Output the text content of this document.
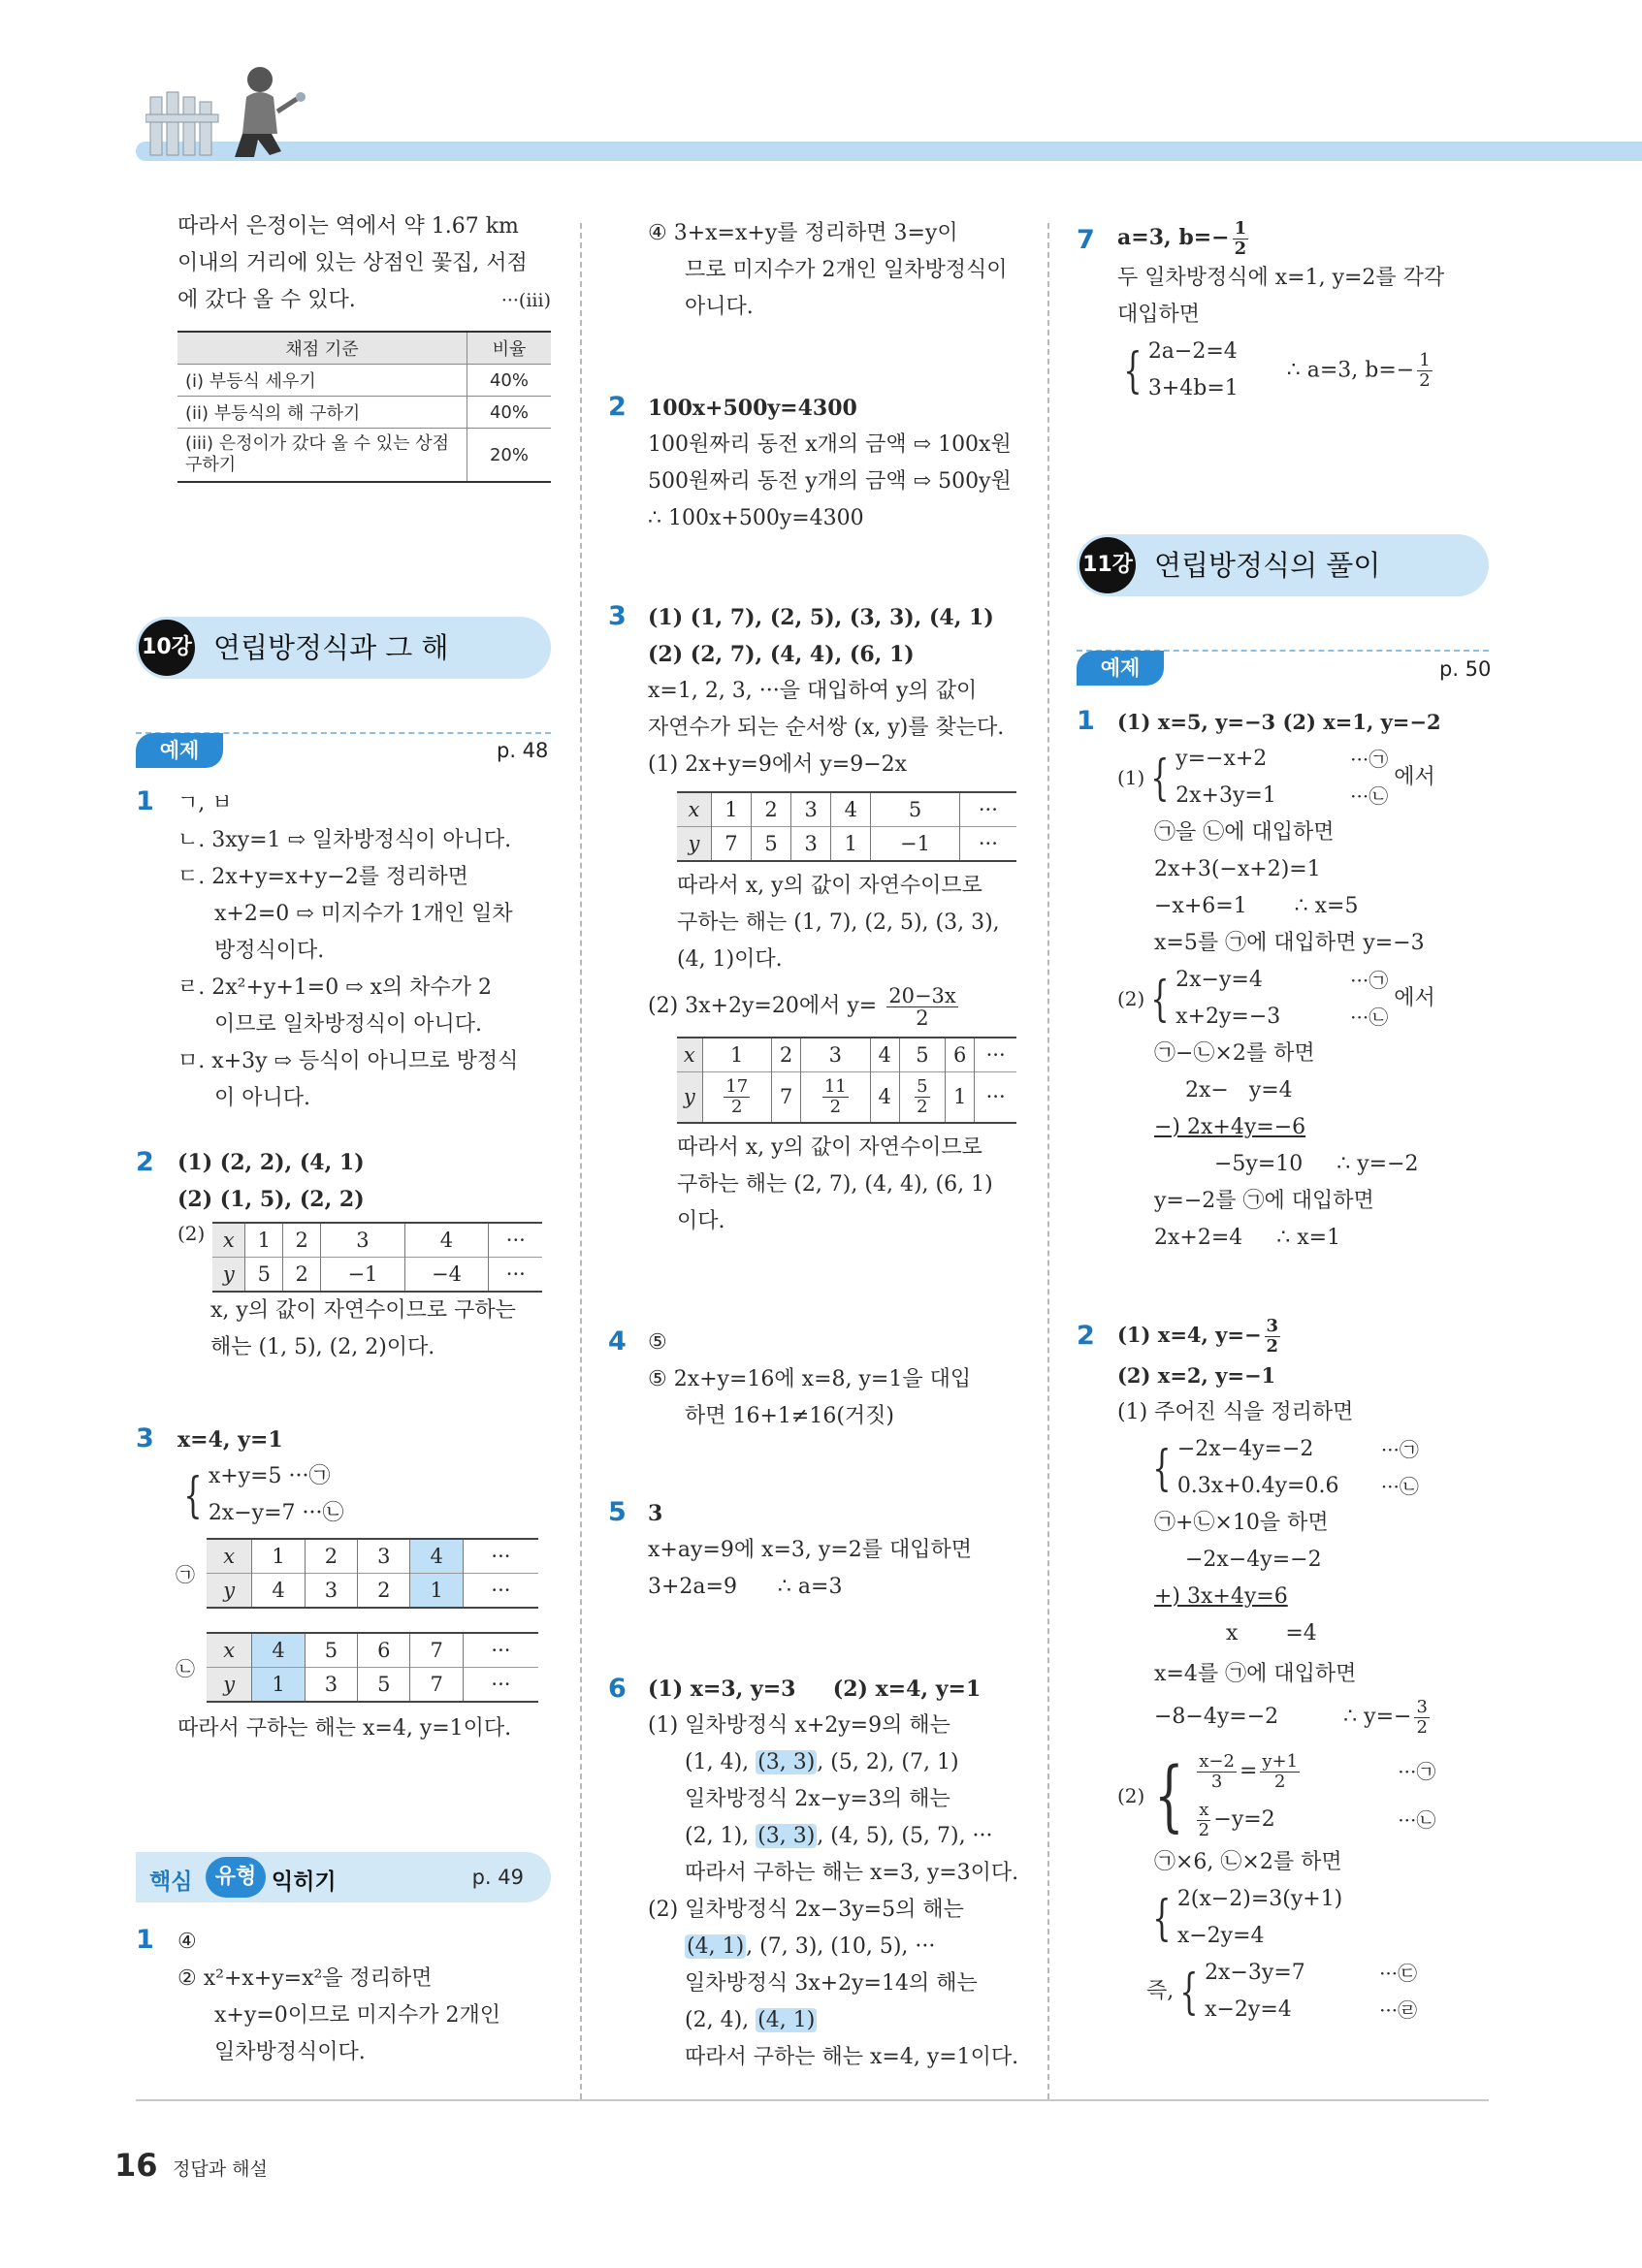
따라서 은정이는 역에서 약 1.67 km
이내의 거리에 있는 상점인 꽃집, 서점
에 갔다 올 수 있다.	···(iii)
채점 기준	비율
(i) 부등식 세우기	40%
(ii) 부등식의 해 구하기	40%
(iii) 은정이가 갔다 올 수 있는 상점 구하기	20%
10강 연립방정식과 그 해
예제	p. 48
1 ㄱ, ㅂ
ㄴ. 3xy=1 ⇨ 일차방정식이 아니다.
ㄷ. 2x+y=x+y−2를 정리하면
x+2=0 ⇨ 미지수가 1개인 일차
방정식이다.
ㄹ. 2x²+y+1=0 ⇨ x의 차수가 2
이므로 일차방정식이 아니다.
ㅁ. x+3y ⇨ 등식이 아니므로 방정식
이 아니다.
2 (1) (2, 2), (4, 1)
(2) (1, 5), (2, 2)
(2) x	1	2	3	4	···
y	5	2	−1	−4	···
x, y의 값이 자연수이므로 구하는
해는 (1, 5), (2, 2)이다.
3 x=4, y=1
{ x+y=5 ···㉠
2x−y=7 ···㉡
㉠
x	1	2	3	4	···
y	4	3	2	1	···
㉡
x	4	5	6	7	···
y	1	3	5	7	···
따라서 구하는 해는 x=4, y=1이다.
핵심	유형 익히기	p. 49
1 ④
② x²+x+y=x²을 정리하면
x+y=0이므로 미지수가 2개인
일차방정식이다.
④ 3+x=x+y를 정리하면 3=y이
므로 미지수가 2개인 일차방정식이
아니다.
2 100x+500y=4300
100원짜리 동전 x개의 금액 ⇨ 100x원
500원짜리 동전 y개의 금액 ⇨ 500y원
∴ 100x+500y=4300
3 (1) (1, 7), (2, 5), (3, 3), (4, 1)
(2) (2, 7), (4, 4), (6, 1)
x=1, 2, 3, ···을 대입하여 y의 값이
자연수가 되는 순서쌍 (x, y)를 찾는다.
(1) 2x+y=9에서 y=9−2x
x	1	2	3	4	5	···
y	7	5	3	1	−1	···
따라서 x, y의 값이 자연수이므로
구하는 해는 (1, 7), (2, 5), (3, 3),
(4, 1)이다.
(2) 3x+2y=20에서 $y= \frac{20-3x}{2}$
x	1	2	3	4	5	6	···
y	$\frac{17}{2}$	7	$\frac{11}{2}$	4	$\frac{5}{2}$	1	···
따라서 x, y의 값이 자연수이므로
구하는 해는 (2, 7), (4, 4), (6, 1)
이다.
4 ⑤
⑤ 2x+y=16에 x=8, y=1을 대입
하면 16+1≠16(거짓)
5 3
x+ay=9에 x=3, y=2를 대입하면
3+2a=9      ∴ a=3
6 (1) x=3, y=3     (2) x=4, y=1
(1) 일차방정식 x+2y=9의 해는
(1, 4), (3, 3), (5, 2), (7, 1)
일차방정식 2x−y=3의 해는
(2, 1), (3, 3), (4, 5), (5, 7), ···
따라서 구하는 해는 x=3, y=3이다.
(2) 일차방정식 2x−3y=5의 해는
(4, 1), (7, 3), (10, 5), ···
일차방정식 3x+2y=14의 해는
(2, 4), (4, 1)
따라서 구하는 해는 x=4, y=1이다.
7 a=3, $b=- \frac{1}{2}$
두 일차방정식에 x=1, y=2를 각각
대입하면
{ 2a−2=4
3+4b=1
∴ a=3, $b=- \frac{1}{2}$
11강 연립방정식의 풀이
예제	p. 50
1 (1) x=5, y=−3 (2) x=1, y=−2
(1) { y=−x+2
2x+3y=1
···㉠
···㉡
에서
㉠을 ㉡에 대입하면
2x+3(−x+2)=1
−x+6=1       ∴ x=5
x=5를 ㉠에 대입하면 y=−3
(2) { 2x−y=4
x+2y=−3
···㉠
···㉡
에서
㉠−㉡×2를 하면
2x−   y=4
−) 2x+4y=−6
−5y=10     ∴ y=−2
y=−2를 ㉠에 대입하면
2x+2=4     ∴ x=1
2 (1) x=4, $y=- \frac{3}{2}$
(2) x=2, y=−1
(1) 주어진 식을 정리하면
{ −2x−4y=−2
0.3x+0.4y=0.6
···㉠
···㉡
㉠+㉡×10을 하면
−2x−4y=−2
+) 3x+4y=6
x       =4
x=4를 ㉠에 대입하면
−8−4y=−2	∴ $y=- \frac{3}{2}$
(2) { $\frac{x-2}{3} = \frac{y+1}{2}$
$\frac{x}{2} -y=2$
···㉠
···㉡
㉠×6, ㉡×2를 하면
{ 2(x−2)=3(y+1)
x−2y=4
즉, { 2x−3y=7
x−2y=4
···㉢
···㉣
16 정답과 해설
